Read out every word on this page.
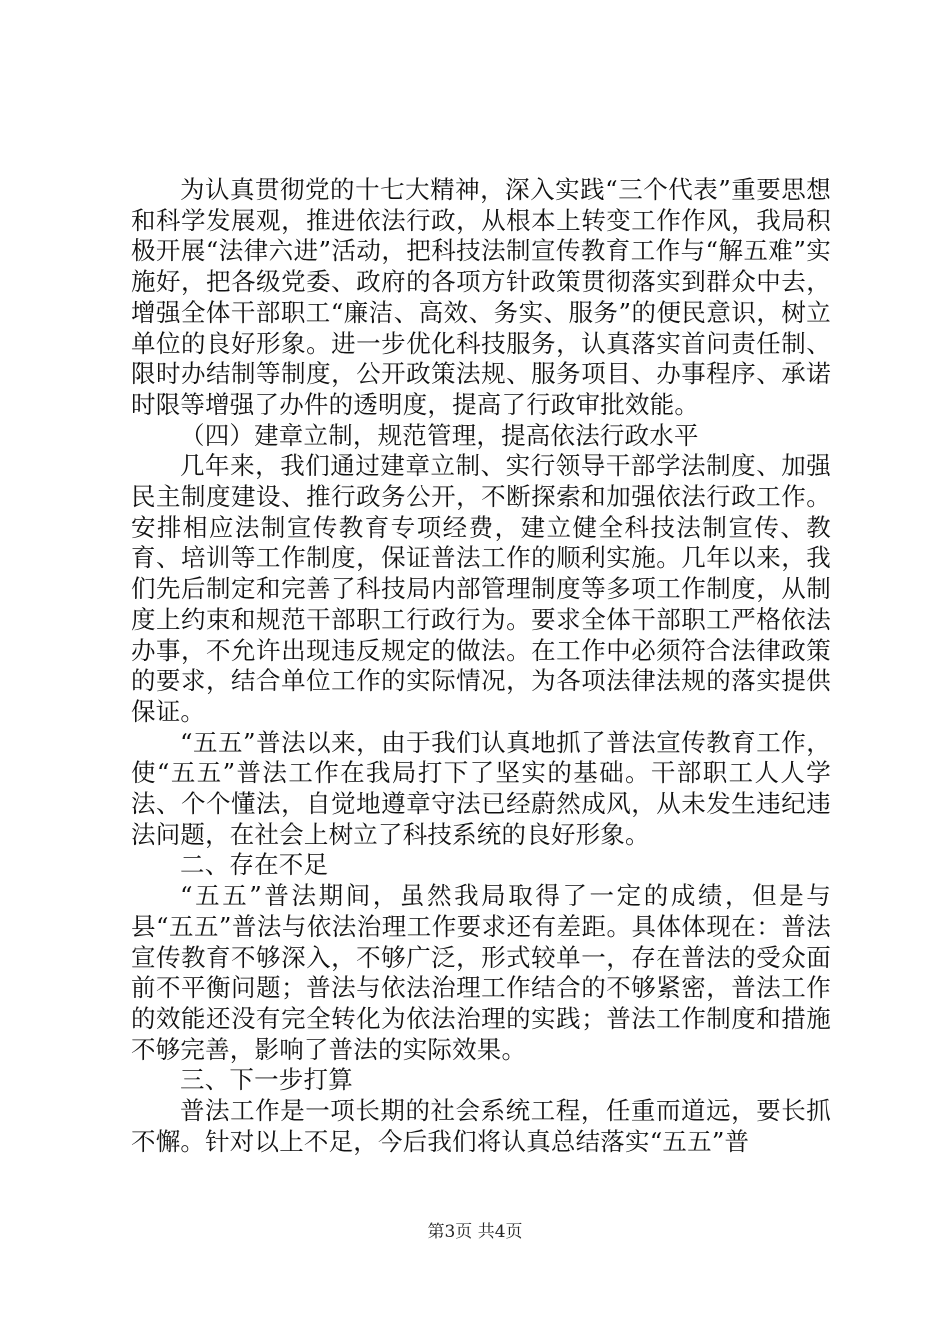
为认真贯彻党的十七大精神，深入实践“三个代表”重要思想和科学发展观，推进依法行政，从根本上转变工作作风，我局积极开展“法律六进”活动，把科技法制宣传教育工作与“解五难”实施好，把各级党委、政府的各项方针政策贯彻落实到群众中去，增强全体干部职工“廉洁、高效、务实、服务”的便民意识，树立单位的良好形象。进一步优化科技服务，认真落实首问责任制、限时办结制等制度，公开政策法规、服务项目、办事程序、承诺时限等增强了办件的透明度，提高了行政审批效能。

（四）建章立制，规范管理，提高依法行政水平

几年来，我们通过建章立制、实行领导干部学法制度、加强民主制度建设、推行政务公开，不断探索和加强依法行政工作。安排相应法制宣传教育专项经费，建立健全科技法制宣传、教育、培训等工作制度，保证普法工作的顺利实施。几年以来，我们先后制定和完善了科技局内部管理制度等多项工作制度，从制度上约束和规范干部职工行政行为。要求全体干部职工严格依法办事，不允许出现违反规定的做法。在工作中必须符合法律政策的要求，结合单位工作的实际情况，为各项法律法规的落实提供保证。

“五五”普法以来，由于我们认真地抓了普法宣传教育工作，使“五五”普法工作在我局打下了坚实的基础。干部职工人人学法、个个懂法，自觉地遵章守法已经蔚然成风，从未发生违纪违法问题，在社会上树立了科技系统的良好形象。

二、存在不足

“五五”普法期间，虽然我局取得了一定的成绩，但是与县“五五”普法与依法治理工作要求还有差距。具体体现在：普法宣传教育不够深入，不够广泛，形式较单一，存在普法的受众面前不平衡问题；普法与依法治理工作结合的不够紧密，普法工作的效能还没有完全转化为依法治理的实践；普法工作制度和措施不够完善，影响了普法的实际效果。

三、下一步打算

普法工作是一项长期的社会系统工程，任重而道远，要长抓不懈。针对以上不足，今后我们将认真总结落实“五五”普

第3页 共4页
